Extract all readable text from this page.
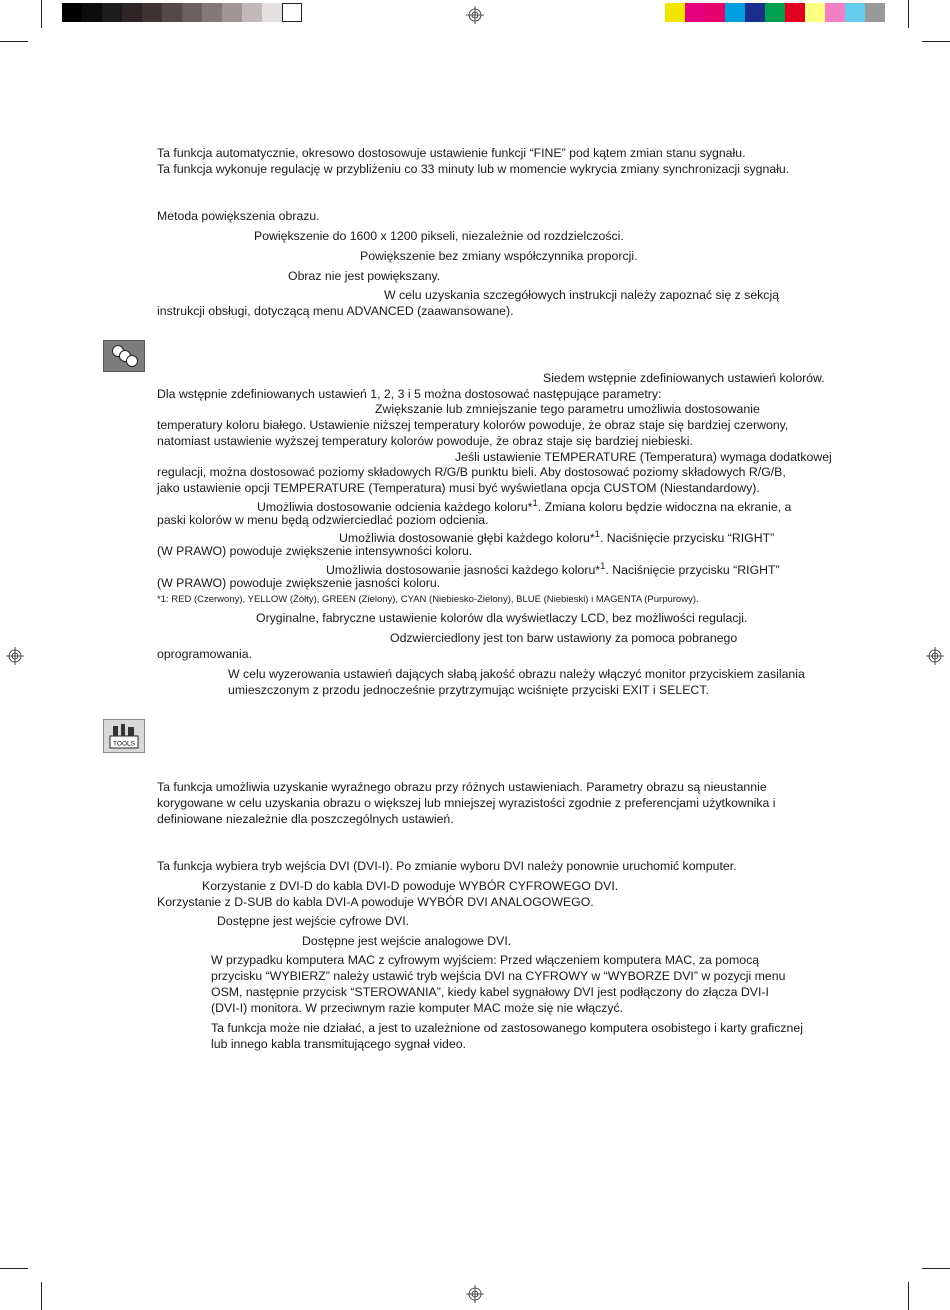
TOOLS
Ta funkcja automatycznie, okresowo dostosowuje ustawienie funkcji “FINE” pod kątem zmian stanu sygnału.
Ta funkcja wykonuje regulację w przybliżeniu co 33 minuty lub w momencie wykrycia zmiany synchronizacji sygnału.
Metoda powiększenia obrazu.
Powiększenie do 1600 x 1200 pikseli, niezależnie od rozdzielczości.
Powiększenie bez zmiany współczynnika proporcji.
Obraz nie jest powiększany.
W celu uzyskania szczegółowych instrukcji należy zapoznać się z sekcją
instrukcji obsługi, dotyczącą menu ADVANCED (zaawansowane).
Siedem wstępnie zdefiniowanych ustawień kolorów.
Dla wstępnie zdefiniowanych ustawień 1, 2, 3 i 5 można dostosować następujące parametry:
Zwiększanie lub zmniejszanie tego parametru umożliwia dostosowanie
temperatury koloru białego. Ustawienie niższej temperatury kolorów powoduje, że obraz staje się bardziej czerwony,
natomiast ustawienie wyższej temperatury kolorów powoduje, że obraz staje się bardziej niebieski.
Jeśli ustawienie TEMPERATURE (Temperatura) wymaga dodatkowej
regulacji, można dostosować poziomy składowych R/G/B punktu bieli. Aby dostosować poziomy składowych R/G/B,
jako ustawienie opcji TEMPERATURE (Temperatura) musi być wyświetlana opcja CUSTOM (Niestandardowy).
Umożliwia dostosowanie odcienia każdego koloru*$^1$. Zmiana koloru będzie widoczna na ekranie, a
paski kolorów w menu będą odzwierciedlać poziom odcienia.
Umożliwia dostosowanie głębi każdego koloru*$^1$. Naciśnięcie przycisku “RIGHT”
(W PRAWO) powoduje zwiększenie intensywności koloru.
Umożliwia dostosowanie jasności każdego koloru*$^1$. Naciśnięcie przycisku “RIGHT”
(W PRAWO) powoduje zwiększenie jasności koloru.
*1: RED (Czerwony), YELLOW (Żółty), GREEN (Zielony), CYAN (Niebiesko-Zielony), BLUE (Niebieski) i MAGENTA (Purpurowy).
Oryginalne, fabryczne ustawienie kolorów dla wyświetlaczy LCD, bez możliwości regulacji.
Odzwierciedlony jest ton barw ustawiony za pomoca pobranego
oprogramowania.
W celu wyzerowania ustawień dających słabą jakość obrazu należy włączyć monitor przyciskiem zasilania
umieszczonym z przodu jednocześnie przytrzymując wciśnięte przyciski EXIT i SELECT.
Ta funkcja umożliwia uzyskanie wyraźnego obrazu przy różnych ustawieniach. Parametry obrazu są nieustannie
korygowane w celu uzyskania obrazu o większej lub mniejszej wyrazistości zgodnie z preferencjami użytkownika i
definiowane niezależnie dla poszczególnych ustawień.
Ta funkcja wybiera tryb wejścia DVI (DVI-I). Po zmianie wyboru DVI należy ponownie uruchomić komputer.
Korzystanie z DVI-D do kabla DVI-D powoduje WYBÓR CYFROWEGO DVI.
Korzystanie z D-SUB do kabla DVI-A powoduje WYBÓR DVI ANALOGOWEGO.
Dostępne jest wejście cyfrowe DVI.
Dostępne jest wejście analogowe DVI.
W przypadku komputera MAC z cyfrowym wyjściem: Przed włączeniem komputera MAC, za pomocą
przycisku “WYBIERZ” należy ustawić tryb wejścia DVI na CYFROWY w “WYBORZE DVI” w pozycji menu
OSM, następnie przycisk “STEROWANIA”, kiedy kabel sygnałowy DVI jest podłączony do złącza DVI-I
(DVI-I) monitora. W przeciwnym razie komputer MAC może się nie włączyć.
Ta funkcja może nie działać, a jest to uzależnione od zastosowanego komputera osobistego i karty graficznej
lub innego kabla transmitującego sygnał video.
